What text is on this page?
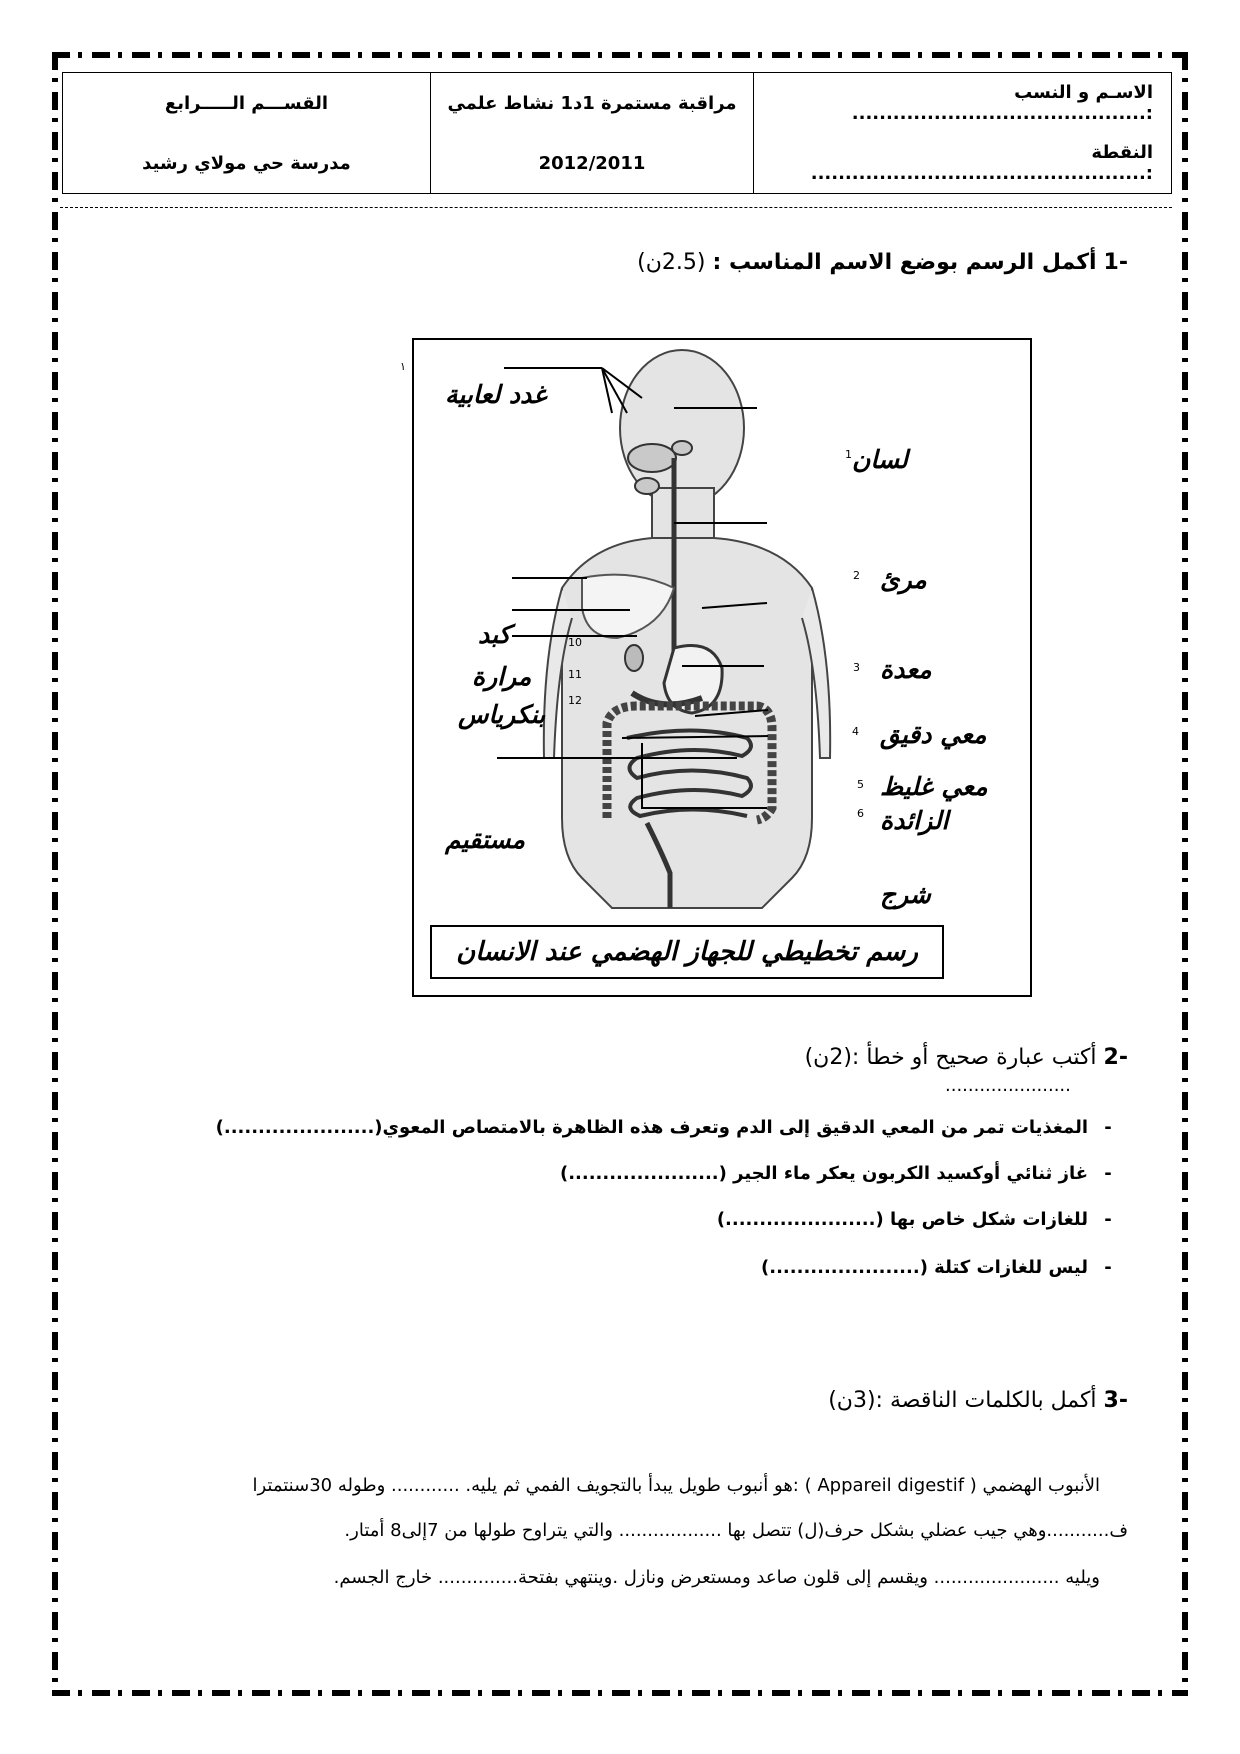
القســـم الـــــرابع
مدرسة حي مولاي رشيد
مراقبة مستمرة 1د1 نشاط علمي
2012/2011
الاسـم و النسب :...........................................
النقطة :.................................................
-1 أكمل الرسم بوضع الاسم المناسب : (2.5ن)
غدد لعابية
لسان
مرئ
كبد
مرارة
بنكرياس
معدة
معي دقيق
معي غليظ
الزائدة
مستقيم
شرج
١
1
2
3
4
5
6
10
11
12
رسم تخطيطي للجهاز الهضمي عند الانسان
-2 أكتب عبارة صحيح أو خطأ :(2ن)
......................
-المغذيات تمر من المعي الدقيق إلى الدم وتعرف هذه الظاهرة بالامتصاص المعوي(......................)
-غاز ثنائي أوكسيد الكربون يعكر ماء الجير (......................)
-للغازات شكل خاص بها (......................)
-ليس للغازات كتلة (......................)
-3 أكمل بالكلمات الناقصة :(3ن)
الأنبوب الهضمي ( Appareil digestif ) :هو أنبوب طويل يبدأ بالتجويف الفمي ثم يليه. ............ وطوله 30سنتمترا
ف...........وهي جيب عضلي بشكل حرف(ل) تتصل بها .................. والتي يتراوح طولها من 7إلى8 أمتار.
ويليه ...................... ويقسم إلى قلون صاعد ومستعرض ونازل .وينتهي بفتحة.............. خارج الجسم.
